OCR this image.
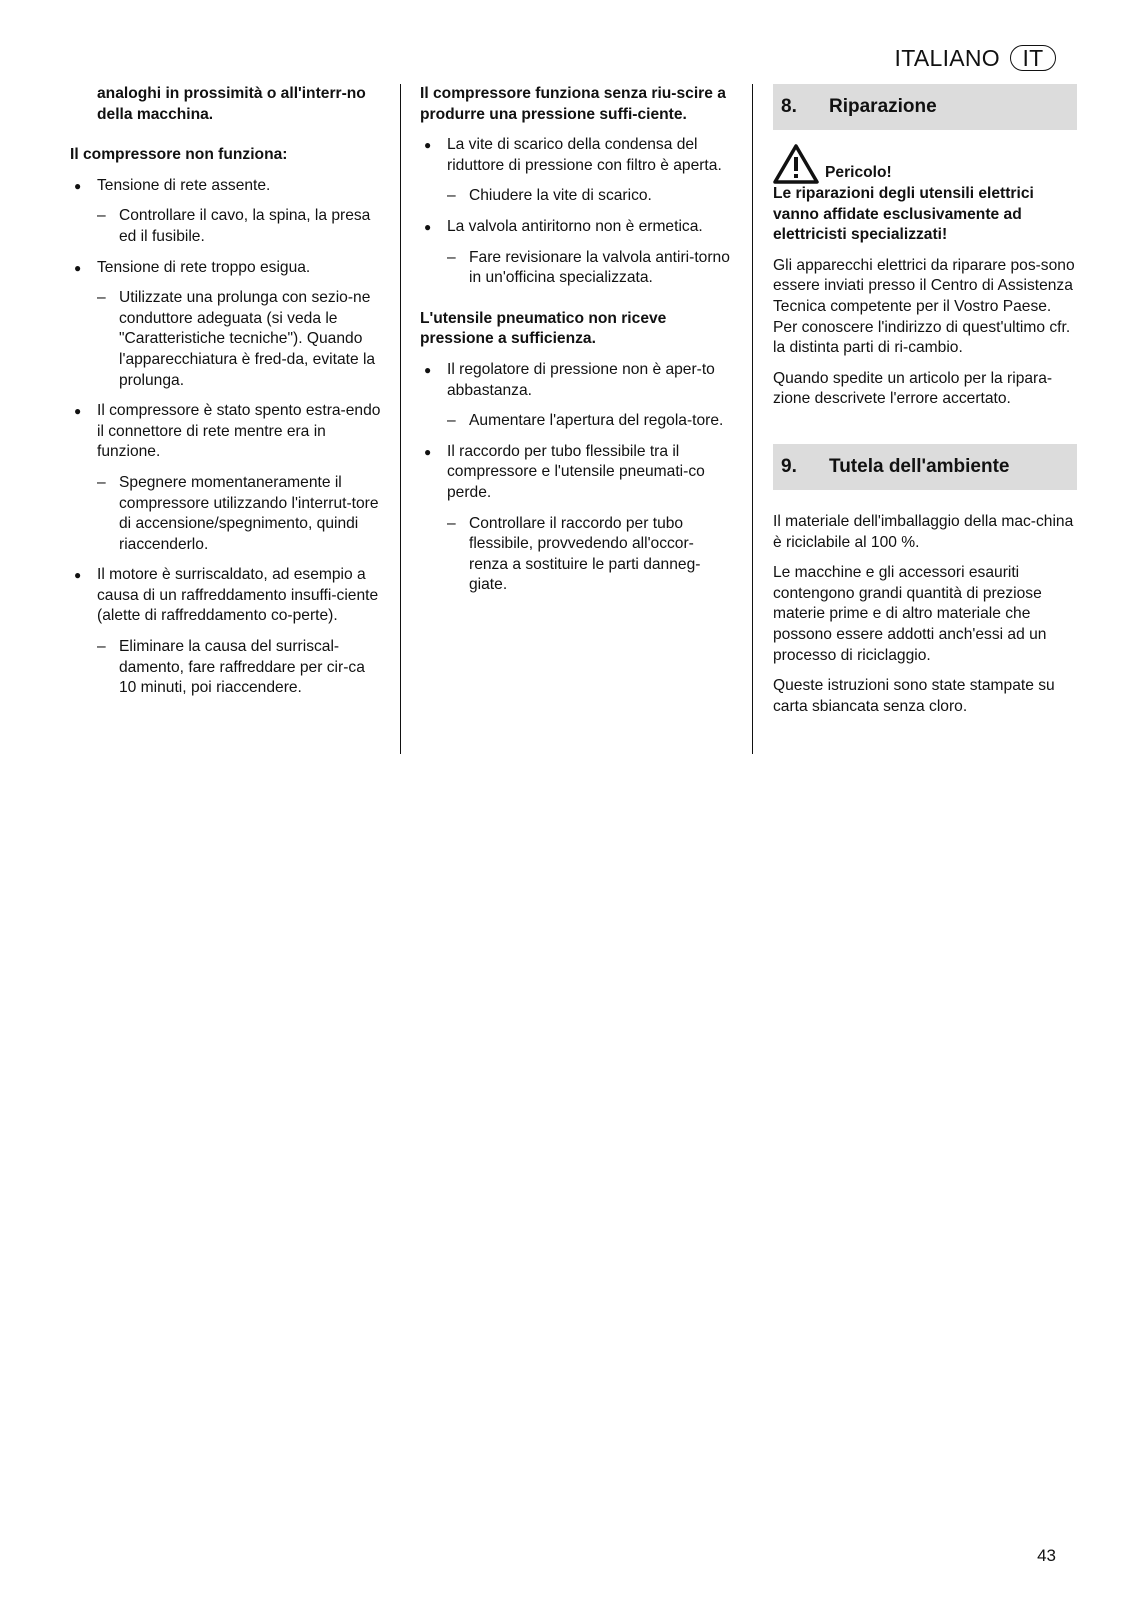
ITALIANO IT

analoghi in prossimità o all'interr-no della macchina.

Il compressore non funziona:

● Tensione di rete assente.
– Controllare il cavo, la spina, la presa ed il fusibile.
● Tensione di rete troppo esigua.
– Utilizzate una prolunga con sezio-ne conduttore adeguata (si veda le "Caratteristiche tecniche"). Quando l'apparecchiatura è fred-da, evitate la prolunga.
● Il compressore è stato spento estra-endo il connettore di rete mentre era in funzione.
– Spegnere momentaneramente il compressore utilizzando l'interrut-tore di accensione/spegnimento, quindi riaccenderlo.
● Il motore è surriscaldato, ad esempio a causa di un raffreddamento insuffi-ciente (alette di raffreddamento co-perte).
– Eliminare la causa del surriscal-damento, fare raffreddare per cir-ca 10 minuti, poi riaccendere.

Il compressore funziona senza riu-scire a produrre una pressione suffi-ciente.

● La vite di scarico della condensa del riduttore di pressione con filtro è aperta.
– Chiudere la vite di scarico.
● La valvola antiritorno non è ermetica.
– Fare revisionare la valvola antiri-torno in un'officina specializzata.

L'utensile pneumatico non riceve pressione a sufficienza.

● Il regolatore di pressione non è aper-to abbastanza.
– Aumentare l'apertura del regola-tore.
● Il raccordo per tubo flessibile tra il compressore e l'utensile pneumati-co perde.
– Controllare il raccordo per tubo flessibile, provvedendo all'occor-renza a sostituire le parti danneg-giate.
8.	Riparazione
Pericolo!
Le riparazioni degli utensili elettrici vanno affidate esclusivamente ad elettricisti specializzati!

Gli apparecchi elettrici da riparare pos-sono essere inviati presso il Centro di Assistenza Tecnica competente per il Vostro Paese. Per conoscere l'indirizzo di quest'ultimo cfr. la distinta parti di ri-cambio.

Quando spedite un articolo per la ripara-zione descrivete l'errore accertato.

9.	Tutela dell'ambiente

Il materiale dell'imballaggio della mac-china è riciclabile al 100 %.

Le macchine e gli accessori esauriti contengono grandi quantità di preziose materie prime e di altro materiale che possono essere addotti anch'essi ad un processo di riciclaggio.

Queste istruzioni sono state stampate su carta sbiancata senza cloro.

43
